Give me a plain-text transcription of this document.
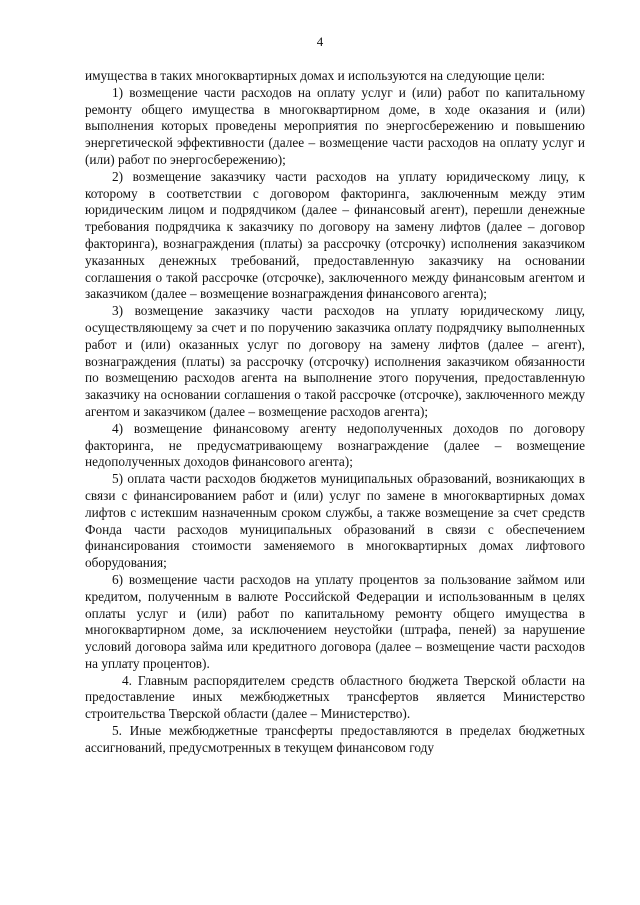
4

имущества в таких многоквартирных домах и используются на следующие цели:

1) возмещение части расходов на оплату услуг и (или) работ по капитальному ремонту общего имущества в многоквартирном доме, в ходе оказания и (или) выполнения которых проведены мероприятия по энергосбережению и повышению энергетической эффективности (далее – возмещение части расходов на оплату услуг и (или) работ по энергосбережению);

2) возмещение заказчику части расходов на уплату юридическому лицу, к которому в соответствии с договором факторинга, заключенным между этим юридическим лицом и подрядчиком (далее – финансовый агент), перешли денежные требования подрядчика к заказчику по договору на замену лифтов (далее – договор факторинга), вознаграждения (платы) за рассрочку (отсрочку) исполнения заказчиком указанных денежных требований, предоставленную заказчику на основании соглашения о такой рассрочке (отсрочке), заключенного между финансовым агентом и заказчиком (далее – возмещение вознаграждения финансового агента);

3) возмещение заказчику части расходов на уплату юридическому лицу, осуществляющему за счет и по поручению заказчика оплату подрядчику выполненных работ и (или) оказанных услуг по договору на замену лифтов (далее – агент), вознаграждения (платы) за рассрочку (отсрочку) исполнения заказчиком обязанности по возмещению расходов агента на выполнение этого поручения, предоставленную заказчику на основании соглашения о такой рассрочке (отсрочке), заключенного между агентом и заказчиком (далее – возмещение расходов агента);

4) возмещение финансовому агенту недополученных доходов по договору факторинга, не предусматривающему вознаграждение (далее – возмещение недополученных доходов финансового агента);

5) оплата части расходов бюджетов муниципальных образований, возникающих в связи с финансированием работ и (или) услуг по замене в многоквартирных домах лифтов с истекшим назначенным сроком службы, а также возмещение за счет средств Фонда части расходов муниципальных образований в связи с обеспечением финансирования стоимости заменяемого в многоквартирных домах лифтового оборудования;

6) возмещение части расходов на уплату процентов за пользование займом или кредитом, полученным в валюте Российской Федерации и использованным в целях оплаты услуг и (или) работ по капитальному ремонту общего имущества в многоквартирном доме, за исключением неустойки (штрафа, пеней) за нарушение условий договора займа или кредитного договора (далее – возмещение части расходов на уплату процентов).

4. Главным распорядителем средств областного бюджета Тверской области на предоставление иных межбюджетных трансфертов является Министерство строительства Тверской области (далее – Министерство).

5. Иные межбюджетные трансферты предоставляются в пределах бюджетных ассигнований, предусмотренных в текущем финансовом году
